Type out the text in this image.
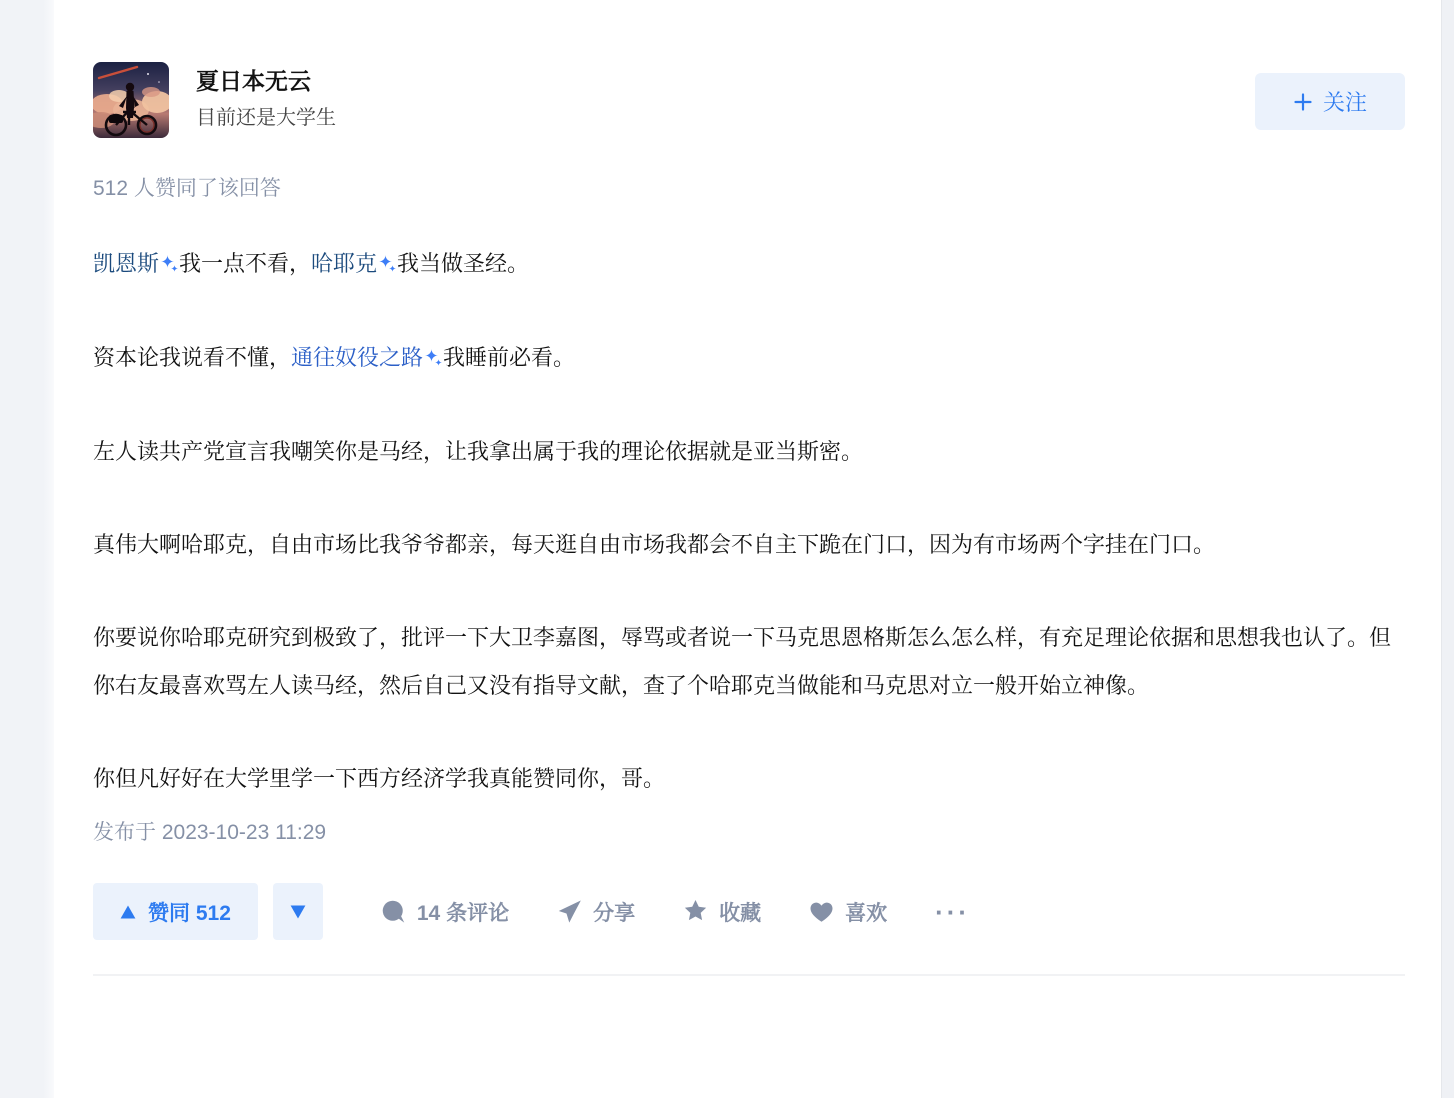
夏日本无云
目前还是大学生
关注
512 人赞同了该回答

凯恩斯 我一点不看，哈耶克 我当做圣经。

资本论我说看不懂，通往奴役之路 我睡前必看。

左人读共产党宣言我嘲笑你是马经，让我拿出属于我的理论依据就是亚当斯密。

真伟大啊哈耶克，自由市场比我爷爷都亲，每天逛自由市场我都会不自主下跪在门口，因为有市场两个字挂在门口。

你要说你哈耶克研究到极致了，批评一下大卫李嘉图，辱骂或者说一下马克思恩格斯怎么怎么样，有充足理论依据和思想我也认了。但你右友最喜欢骂左人读马经，然后自己又没有指导文献，查了个哈耶克当做能和马克思对立一般开始立神像。

你但凡好好在大学里学一下西方经济学我真能赞同你，哥。

发布于 2023-10-23 11:29
赞同 512	14 条评论	分享	收藏	喜欢 ···
